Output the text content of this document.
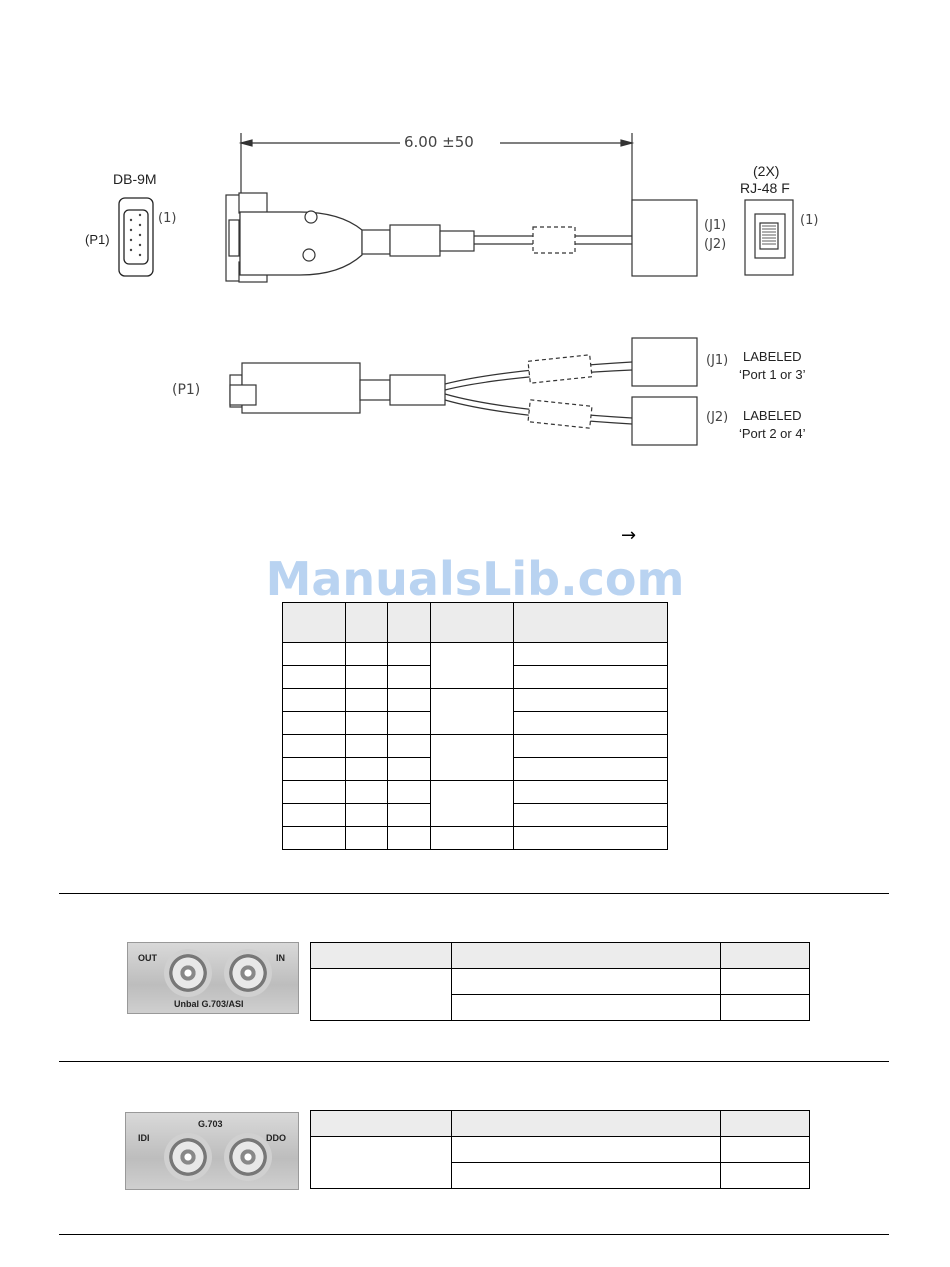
6.00 ±50
DB-9M
(P1)
(1)
(2X)
RJ-48 F
(J1)
(J2)
(1)
(P1)
(J1)
(J2)
LABELED
‘Port 1 or 3’
LABELED
‘Port 2 or 4’
→
ManualsLib.com

OUT	IN
Unbal G.703/ASI

G.703
IDI	DDO
